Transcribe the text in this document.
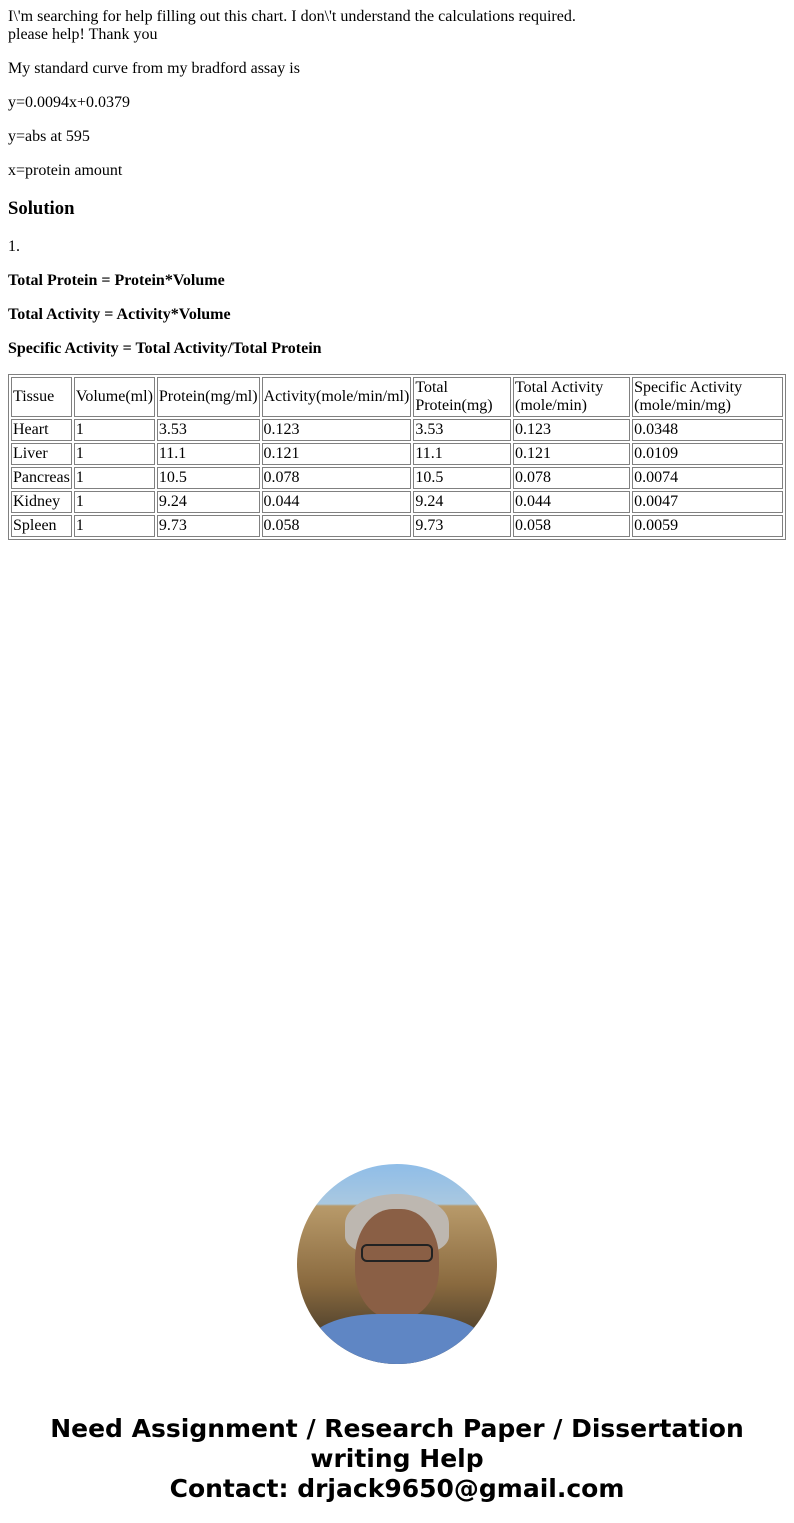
I\'m searching for help filling out this chart. I don\'t understand the calculations required.
please help! Thank you

My standard curve from my bradford assay is

y=0.0094x+0.0379

y=abs at 595

x=protein amount

Solution

1.

Total Protein = Protein*Volume

Total Activity = Activity*Volume

Specific Activity = Total Activity/Total Protein

Tissue	Volume(ml)	Protein(mg/ml)	Activity(mole/min/ml)	Total Protein(mg)	Total Activity (mole/min)	Specific Activity (mole/min/mg)
Heart	1	3.53	0.123	3.53	0.123	0.0348
Liver	1	11.1	0.121	11.1	0.121	0.0109
Pancreas	1	10.5	0.078	10.5	0.078	0.0074
Kidney	1	9.24	0.044	9.24	0.044	0.0047
Spleen	1	9.73	0.058	9.73	0.058	0.0059
Need Assignment / Research Paper / Dissertation writing Help
Contact: drjack9650@gmail.com
